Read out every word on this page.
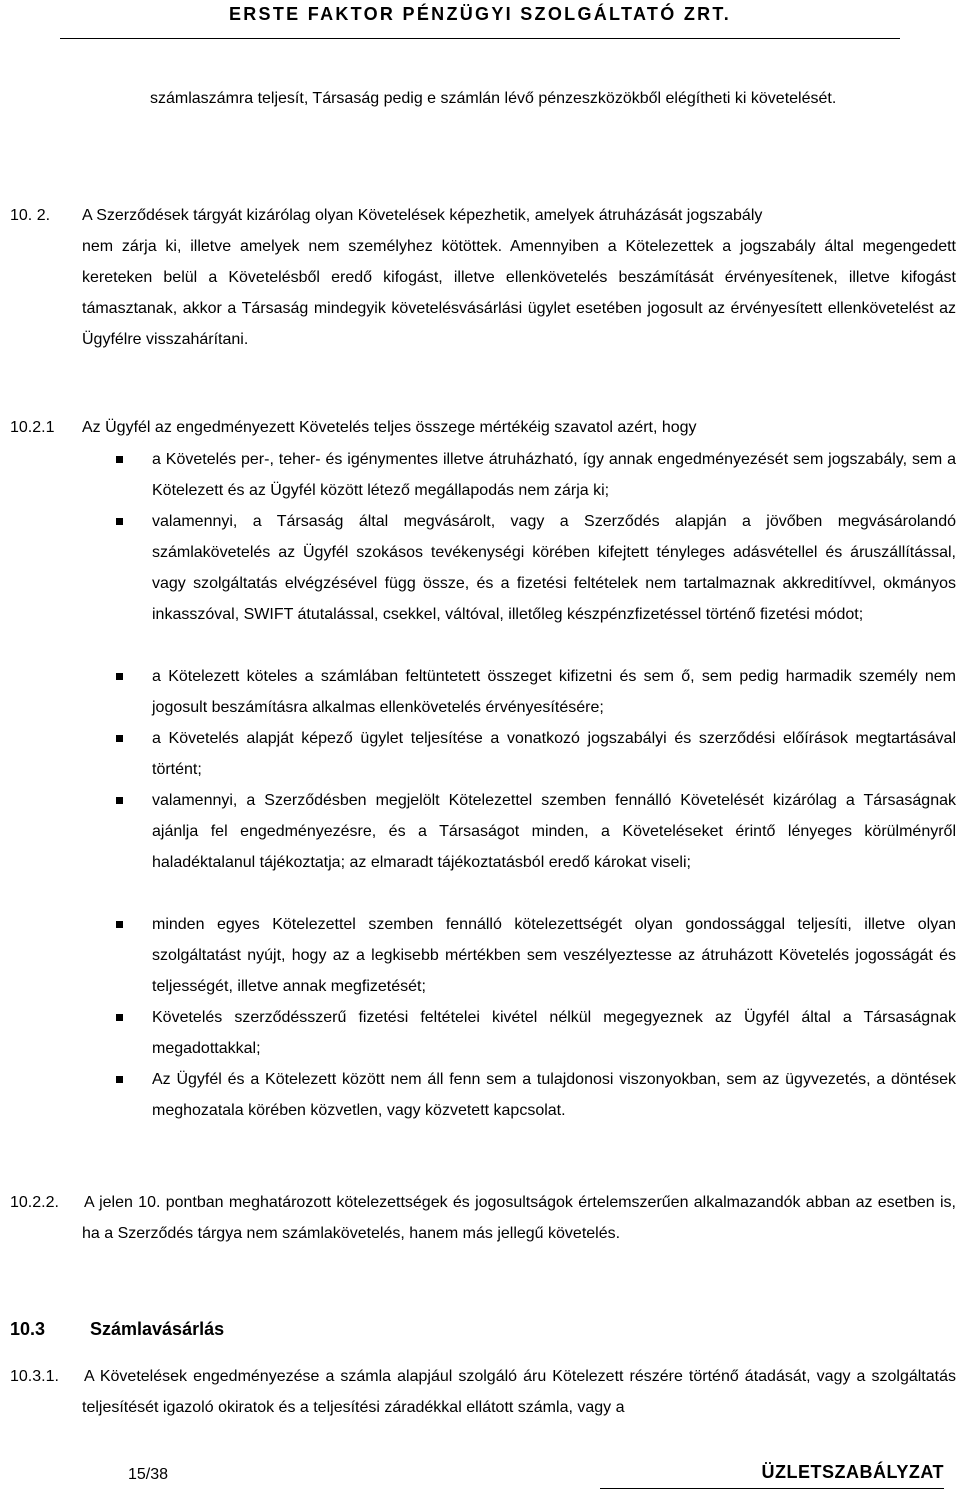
ERSTE FAKTOR PÉNZÜGYI SZOLGÁLTATÓ ZRT.
számlaszámra teljesít, Társaság pedig e számlán lévő pénzeszközökből elégítheti ki követelését.
10. 2. A Szerződések tárgyát kizárólag olyan Követelések képezhetik, amelyek átruházását jogszabály
nem zárja ki, illetve amelyek nem személyhez kötöttek. Amennyiben a Kötelezettek a jogszabály által megengedett kereteken belül a Követelésből eredő kifogást, illetve ellenkövetelés beszámítását érvényesítenek, illetve kifogást támasztanak, akkor a Társaság mindegyik követelésvásárlási ügylet esetében jogosult az érvényesített ellenkövetelést az Ügyfélre visszahárítani.
10.2.1 Az Ügyfél az engedményezett Követelés teljes összege mértékéig szavatol azért, hogy
a Követelés per-, teher- és igénymentes illetve átruházható, így annak engedményezését sem jogszabály, sem a Kötelezett és az Ügyfél között létező megállapodás nem zárja ki;
valamennyi, a Társaság által megvásárolt, vagy a Szerződés alapján a jövőben megvásárolandó számlakövetelés az Ügyfél szokásos tevékenységi körében kifejtett tényleges adásvétellel és áruszállítással, vagy szolgáltatás elvégzésével függ össze, és a fizetési feltételek nem tartalmaznak akkreditívvel, okmányos inkasszóval, SWIFT átutalással, csekkel, váltóval, illetőleg készpénzfizetéssel történő fizetési módot;
a Kötelezett köteles a számlában feltüntetett összeget kifizetni és sem ő, sem pedig harmadik személy nem jogosult beszámításra alkalmas ellenkövetelés érvényesítésére;
a Követelés alapját képező ügylet teljesítése a vonatkozó jogszabályi és szerződési előírások megtartásával történt;
valamennyi, a Szerződésben megjelölt Kötelezettel szemben fennálló Követelését kizárólag a Társaságnak ajánlja fel engedményezésre, és a Társaságot minden, a Követeléseket érintő lényeges körülményről haladéktalanul tájékoztatja; az elmaradt tájékoztatásból eredő károkat viseli;
minden egyes Kötelezettel szemben fennálló kötelezettségét olyan gondossággal teljesíti, illetve olyan szolgáltatást nyújt, hogy az a legkisebb mértékben sem veszélyeztesse az átruházott Követelés jogosságát és teljességét, illetve annak megfizetését;
Követelés szerződésszerű fizetési feltételei kivétel nélkül megegyeznek az Ügyfél által a Társaságnak megadottakkal;
Az Ügyfél és a Kötelezett között nem áll fenn sem a tulajdonosi viszonyokban, sem az ügyvezetés, a döntések meghozatala körében közvetlen, vagy közvetett kapcsolat.
10.2.2. A jelen 10. pontban meghatározott kötelezettségek és jogosultságok értelemszerűen alkalmazandók abban az esetben is, ha a Szerződés tárgya nem számlakövetelés, hanem más jellegű követelés.
10.3 Számlavásárlás
10.3.1. A Követelések engedményezése a számla alapjául szolgáló áru Kötelezett részére történő átadását, vagy a szolgáltatás teljesítését igazoló okiratok és a teljesítési záradékkal ellátott számla, vagy a
15/38	ÜZLETSZABÁLYZAT
